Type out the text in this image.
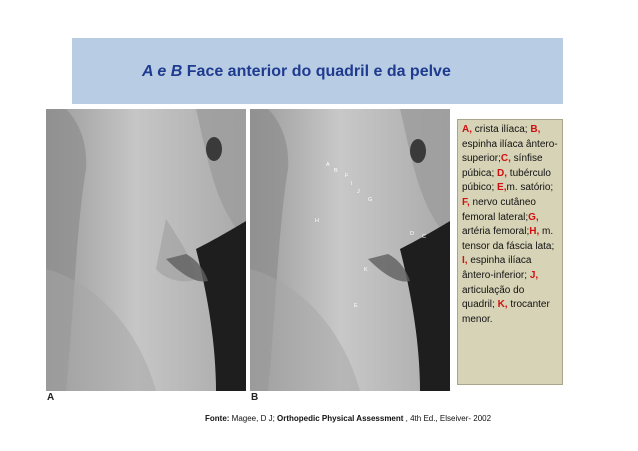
A e B Face anterior do quadril e da pelve
A
B
F
I
J
G
H
D C
K
E
A	B
A, crista ilíaca; B, espinha ilíaca ântero-superior;C, sínfise púbica; D, tubérculo púbico; E,m. satório; F, nervo cutâneo femoral lateral;G, artéria femoral;H, m. tensor da fáscia lata; I, espinha ilíaca ântero-inferior; J, articulação do quadril; K, trocanter menor.
Fonte: Magee, D J; Orthopedic Physical Assessment , 4th Ed., Elseiver- 2002
